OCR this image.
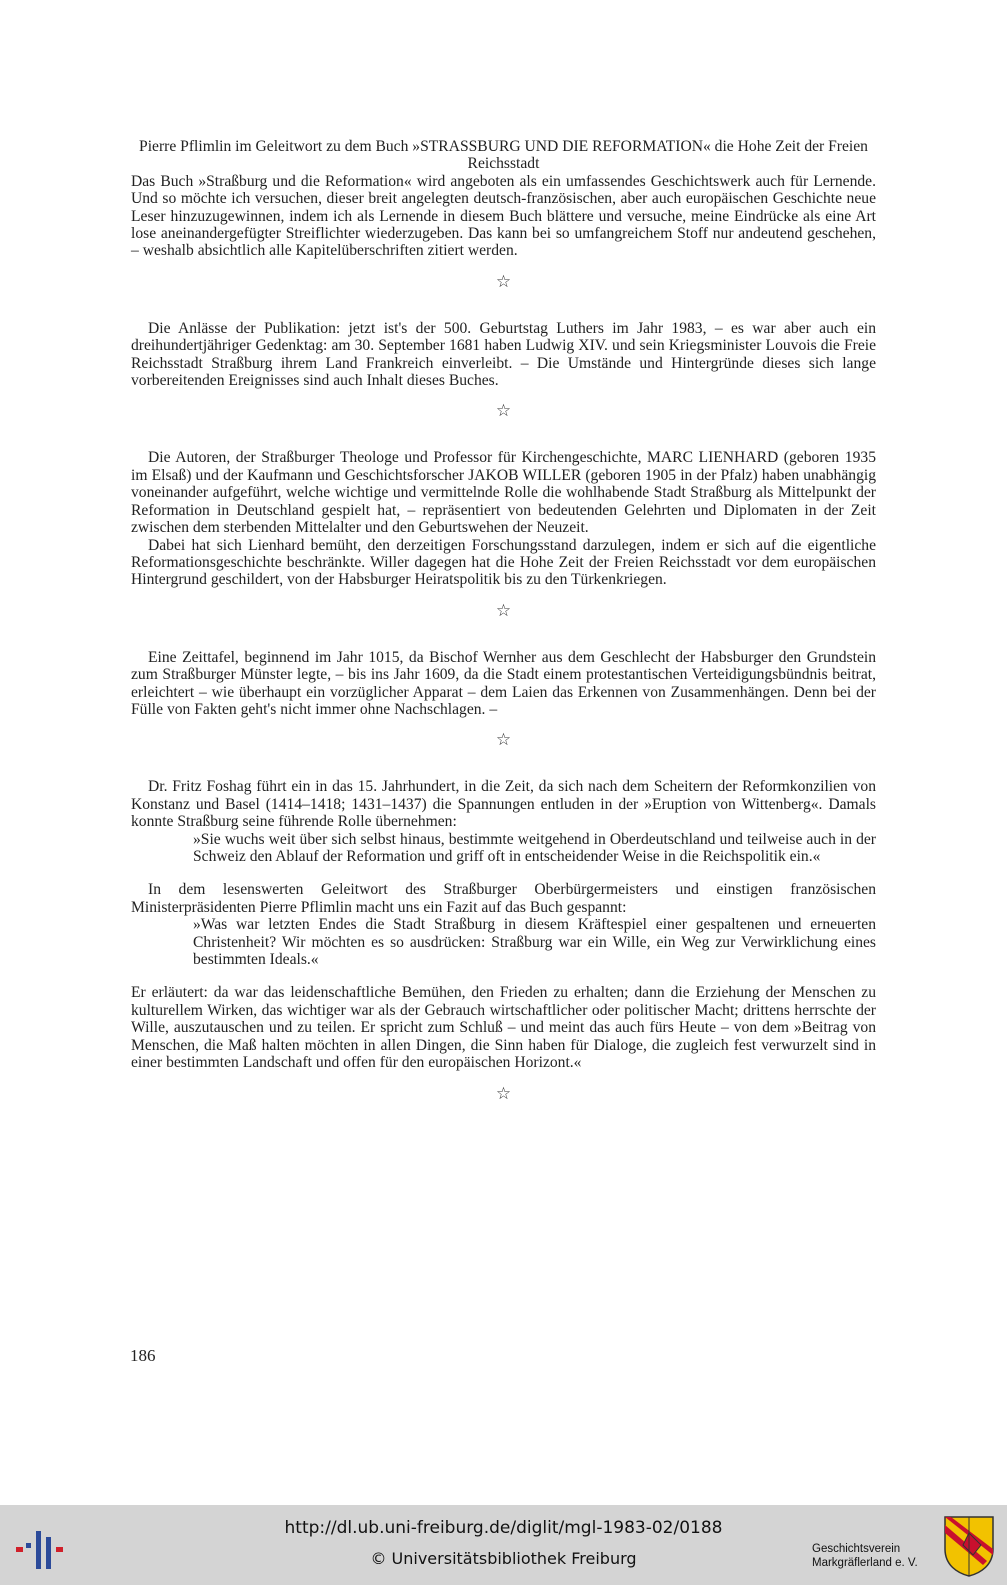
Pierre Pflimlin im Geleitwort zu dem Buch »STRASSBURG UND DIE REFORMATION« die Hohe Zeit der Freien Reichsstadt

Das Buch »Straßburg und die Reformation« wird angeboten als ein umfassendes Geschichtswerk auch für Lernende. Und so möchte ich versuchen, dieser breit angelegten deutsch-französischen, aber auch europäischen Geschichte neue Leser hinzuzugewinnen, indem ich als Lernende in diesem Buch blättere und versuche, meine Eindrücke als eine Art lose aneinandergefügter Streiflichter wiederzugeben. Das kann bei so umfangreichem Stoff nur andeutend geschehen, – weshalb absichtlich alle Kapitelüberschriften zitiert werden.

☆

Die Anlässe der Publikation: jetzt ist's der 500. Geburtstag Luthers im Jahr 1983, – es war aber auch ein dreihundertjähriger Gedenktag: am 30. September 1681 haben Ludwig XIV. und sein Kriegsminister Louvois die Freie Reichsstadt Straßburg ihrem Land Frankreich einverleibt. – Die Umstände und Hintergründe dieses sich lange vorbereitenden Ereignisses sind auch Inhalt dieses Buches.

☆

Die Autoren, der Straßburger Theologe und Professor für Kirchengeschichte, MARC LIENHARD (geboren 1935 im Elsaß) und der Kaufmann und Geschichtsforscher JAKOB WILLER (geboren 1905 in der Pfalz) haben unabhängig voneinander aufgeführt, welche wichtige und vermittelnde Rolle die wohlhabende Stadt Straßburg als Mittelpunkt der Reformation in Deutschland gespielt hat, – repräsentiert von bedeutenden Gelehrten und Diplomaten in der Zeit zwischen dem sterbenden Mittelalter und den Geburtswehen der Neuzeit.

Dabei hat sich Lienhard bemüht, den derzeitigen Forschungsstand darzulegen, indem er sich auf die eigentliche Reformationsgeschichte beschränkte. Willer dagegen hat die Hohe Zeit der Freien Reichsstadt vor dem europäischen Hintergrund geschildert, von der Habsburger Heiratspolitik bis zu den Türkenkriegen.

☆

Eine Zeittafel, beginnend im Jahr 1015, da Bischof Wernher aus dem Geschlecht der Habsburger den Grundstein zum Straßburger Münster legte, – bis ins Jahr 1609, da die Stadt einem protestantischen Verteidigungsbündnis beitrat, erleichtert – wie überhaupt ein vorzüglicher Apparat – dem Laien das Erkennen von Zusammenhängen. Denn bei der Fülle von Fakten geht's nicht immer ohne Nachschlagen. –

☆

Dr. Fritz Foshag führt ein in das 15. Jahrhundert, in die Zeit, da sich nach dem Scheitern der Reformkonzilien von Konstanz und Basel (1414–1418; 1431–1437) die Spannungen entluden in der »Eruption von Wittenberg«. Damals konnte Straßburg seine führende Rolle übernehmen:

»Sie wuchs weit über sich selbst hinaus, bestimmte weitgehend in Oberdeutschland und teilweise auch in der Schweiz den Ablauf der Reformation und griff oft in entscheidender Weise in die Reichspolitik ein.«

In dem lesenswerten Geleitwort des Straßburger Oberbürgermeisters und einstigen französischen Ministerpräsidenten Pierre Pflimlin macht uns ein Fazit auf das Buch gespannt:

»Was war letzten Endes die Stadt Straßburg in diesem Kräftespiel einer gespaltenen und erneuerten Christenheit? Wir möchten es so ausdrücken: Straßburg war ein Wille, ein Weg zur Verwirklichung eines bestimmten Ideals.«

Er erläutert: da war das leidenschaftliche Bemühen, den Frieden zu erhalten; dann die Erziehung der Menschen zu kulturellem Wirken, das wichtiger war als der Gebrauch wirtschaftlicher oder politischer Macht; drittens herrschte der Wille, auszutauschen und zu teilen. Er spricht zum Schluß – und meint das auch fürs Heute – von dem »Beitrag von Menschen, die Maß halten möchten in allen Dingen, die Sinn haben für Dialoge, die zugleich fest verwurzelt sind in einer bestimmten Landschaft und offen für den europäischen Horizont.«

☆
186
http://dl.ub.uni-freiburg.de/diglit/mgl-1983-02/0188
© Universitätsbibliothek Freiburg	Geschichtsverein
Markgräflerland e. V.
